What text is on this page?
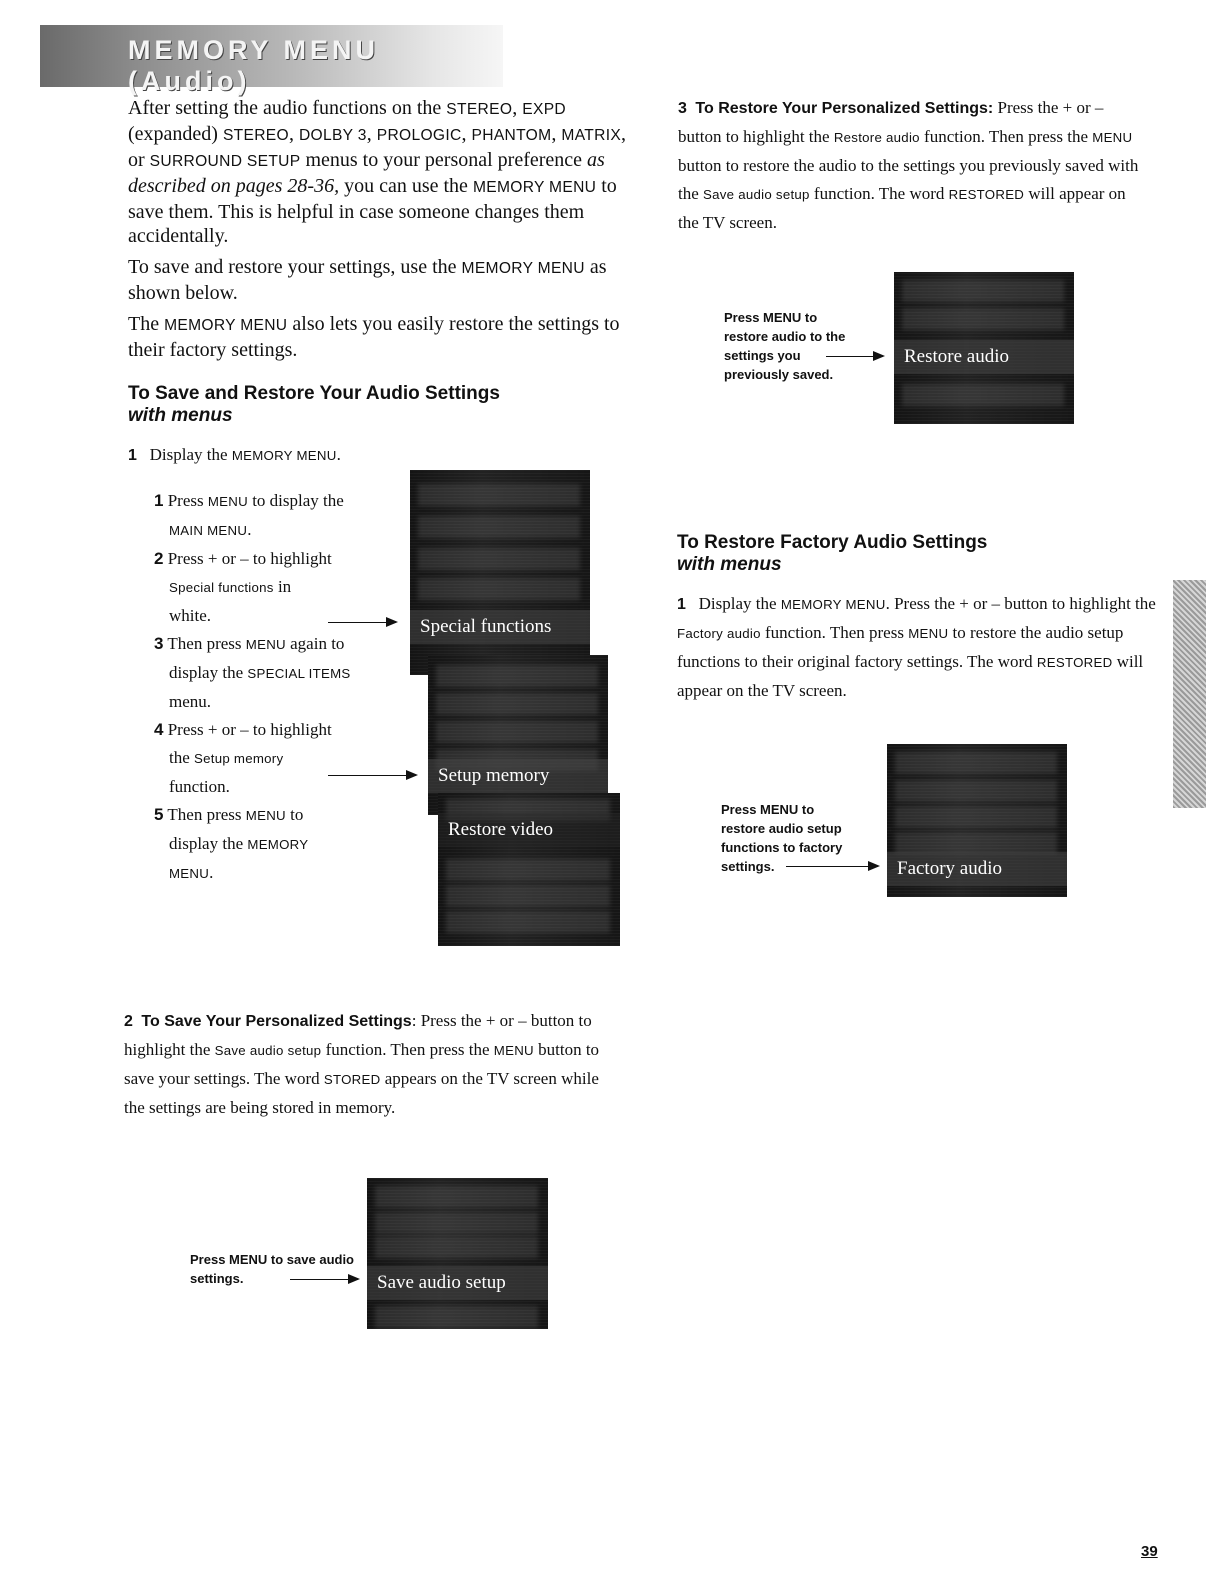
MEMORY MENU (Audio)

After setting the audio functions on the STEREO, EXPD (expanded) STEREO, DOLBY 3, PROLOGIC, PHANTOM, MATRIX, or SURROUND SETUP menus to your personal preference as described on pages 28-36, you can use the MEMORY MENU to save them. This is helpful in case someone changes them accidentally.

To save and restore your settings, use the MEMORY MENU as shown below.

The MEMORY MENU also lets you easily restore the settings to their factory settings.

To Save and Restore Your Audio Settings
with menus
1 Display the MEMORY MENU.
1 Press MENU to display the
MAIN MENU.
2 Press + or – to highlight
Special functions in
white.
3 Then press MENU again to
display the SPECIAL ITEMS
menu.
4 Press + or – to highlight
the Setup memory
function.
5 Then press MENU to
display the MEMORY
MENU.
Special functions
Setup memory
Restore video
2 To Save Your Personalized Settings: Press the + or – button to highlight the Save audio setup function. Then press the MENU button to save your settings. The word STORED appears on the TV screen while the settings are being stored in memory.
Press MENU to save audio settings.	Save audio setup
3 To Restore Your Personalized Settings: Press the + or – button to highlight the Restore audio function. Then press the MENU button to restore the audio to the settings you previously saved with the Save audio setup function. The word RESTORED will appear on the TV screen.
Press MENU to
restore audio to the
settings you
previously saved.
Restore audio
To Restore Factory Audio Settings
with menus
1 Display the MEMORY MENU. Press the + or – button to highlight the Factory audio function. Then press MENU to restore the audio setup functions to their original factory settings. The word RESTORED will appear on the TV screen.
Press MENU to
restore audio setup
functions to factory
settings.	Factory audio
39
